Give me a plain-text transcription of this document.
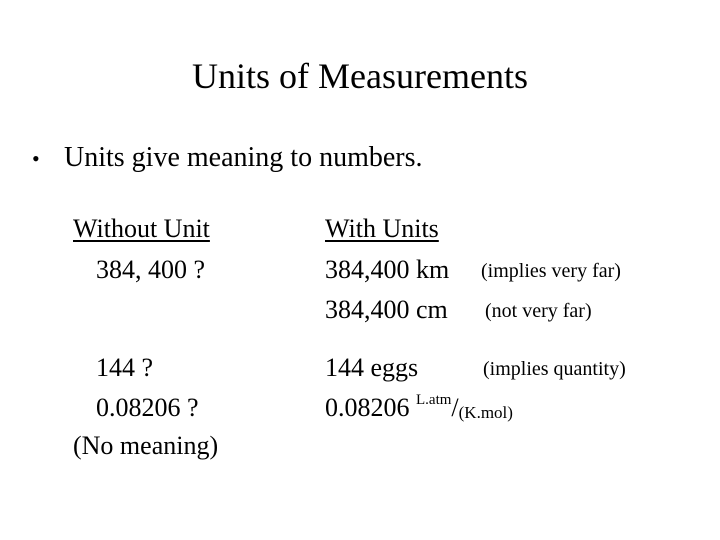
Units of Measurements
• Units give meaning to numbers.
Without Unit
384, 400 ?
144 ?
0.08206 ?
(No meaning)
With Units
384,400 km (implies very far)
384,400 cm (not very far)
144 eggs	(implies quantity)
0.08206 $^{L.atm}$/(K.mol)
